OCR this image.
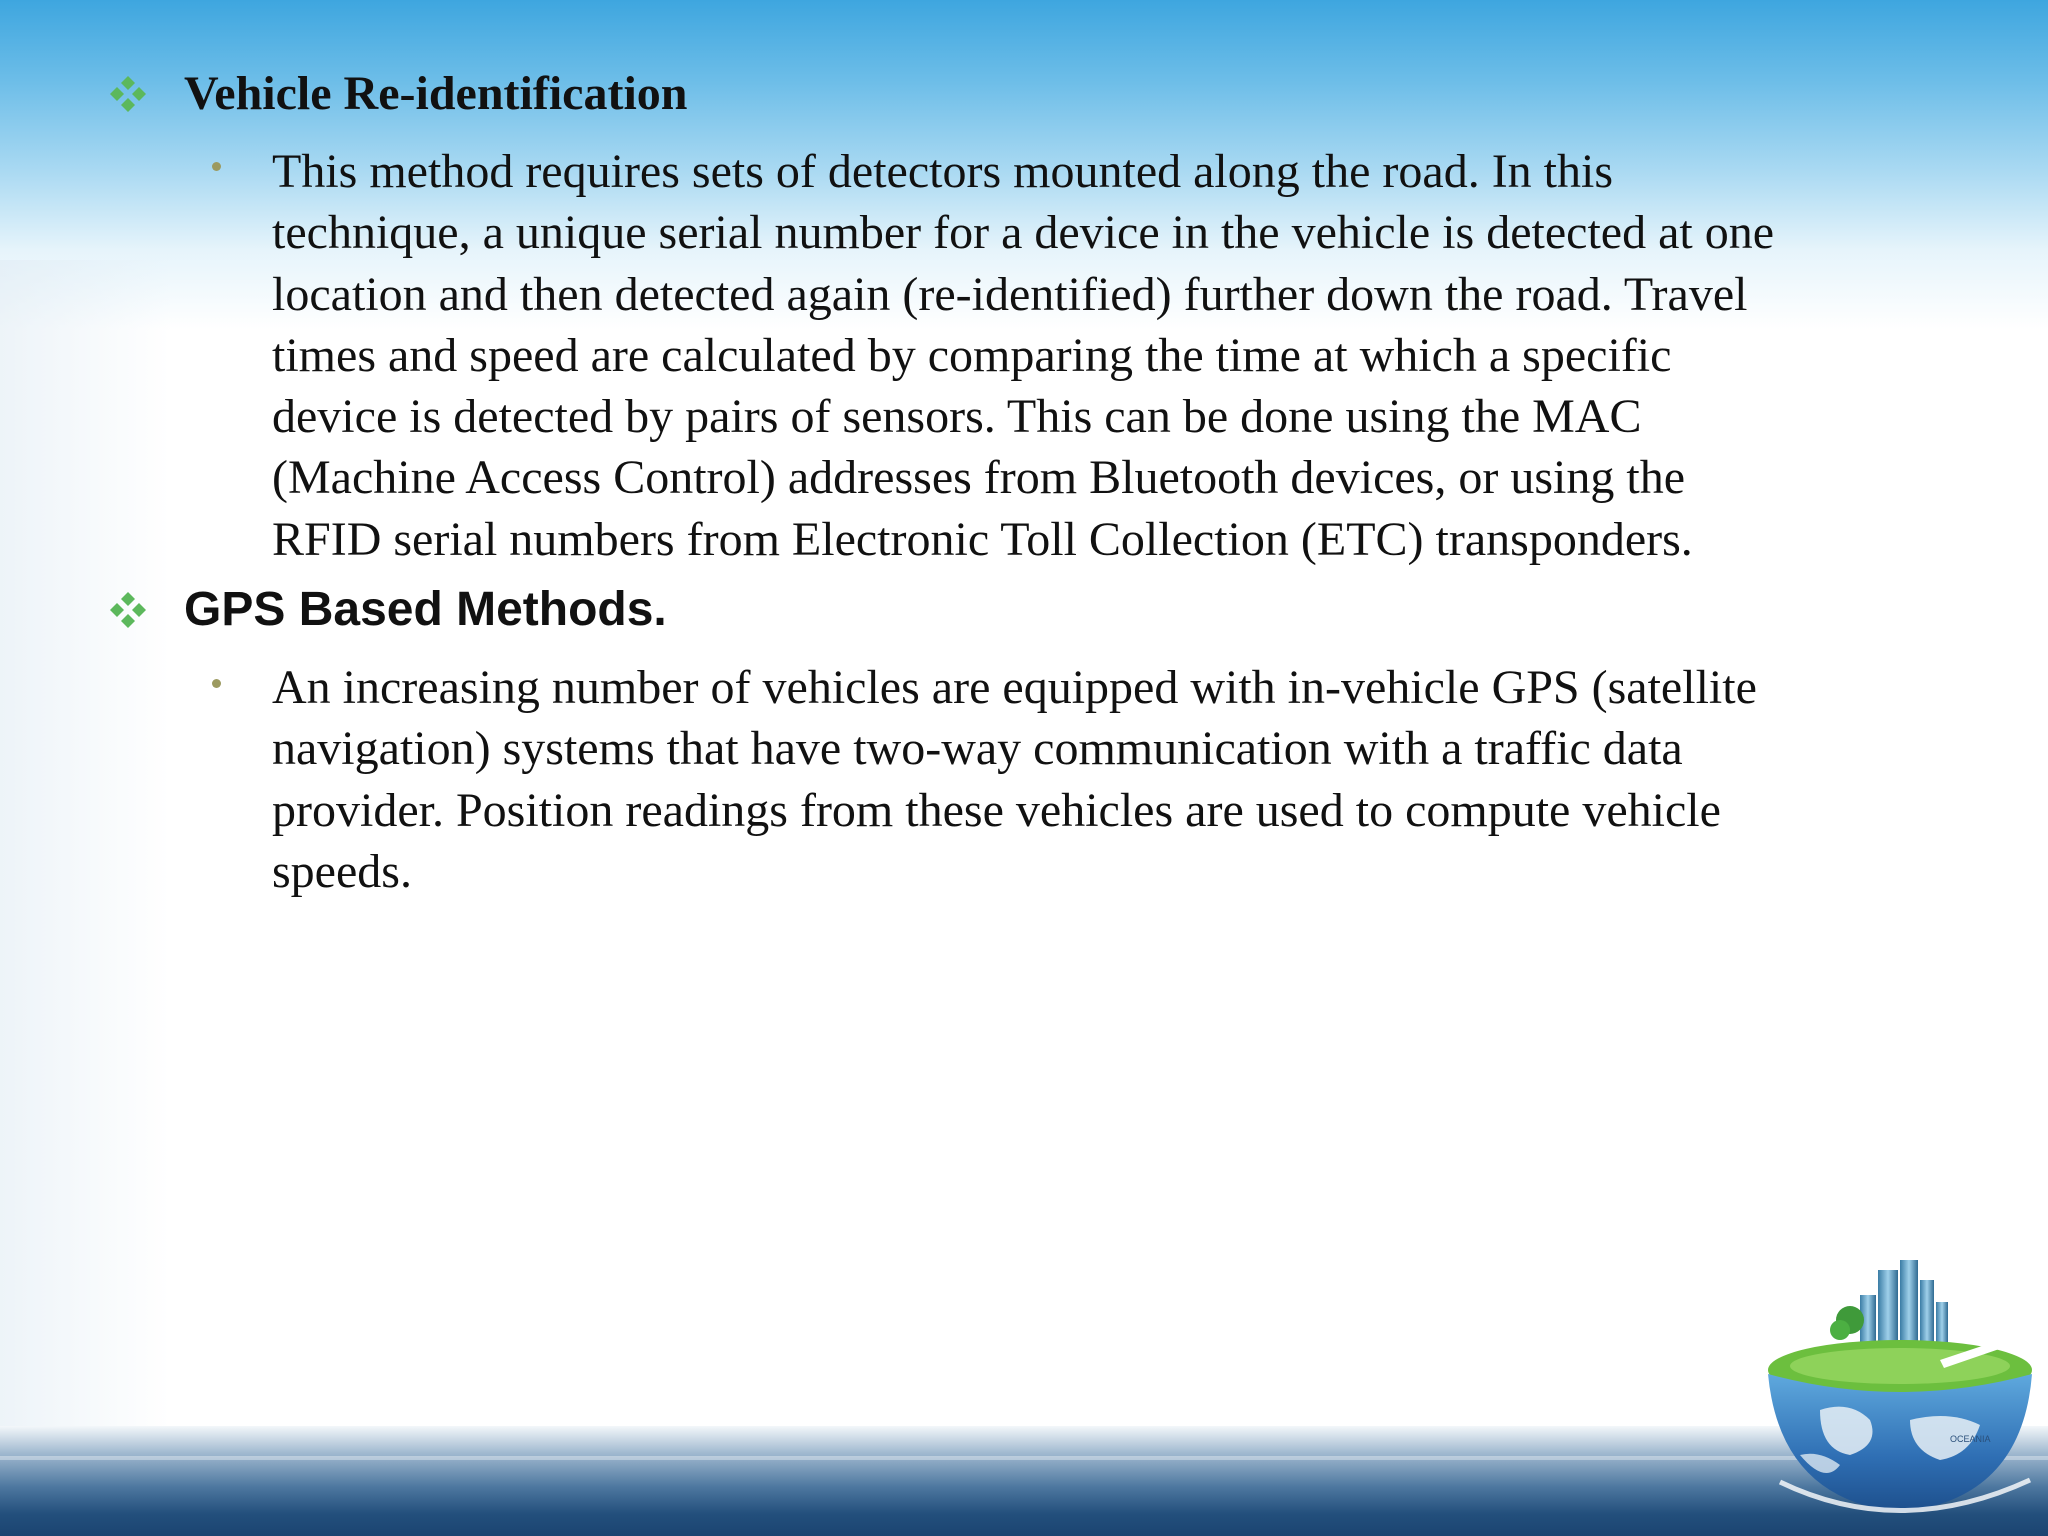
Vehicle Re-identification

This method requires sets of detectors mounted along the road. In this
technique, a unique serial number for a device in the vehicle is detected at one
location and then detected again (re-identified) further down the road. Travel
times and speed are calculated by comparing the time at which a specific
device is detected by pairs of sensors. This can be done using the MAC
(Machine Access Control) addresses from Bluetooth devices, or using the
RFID serial numbers from Electronic Toll Collection (ETC) transponders.

GPS Based Methods.

An increasing number of vehicles are equipped with in-vehicle GPS (satellite
navigation) systems that have two-way communication with a traffic data
provider. Position readings from these vehicles are used to compute vehicle
speeds.

OCEANIA
